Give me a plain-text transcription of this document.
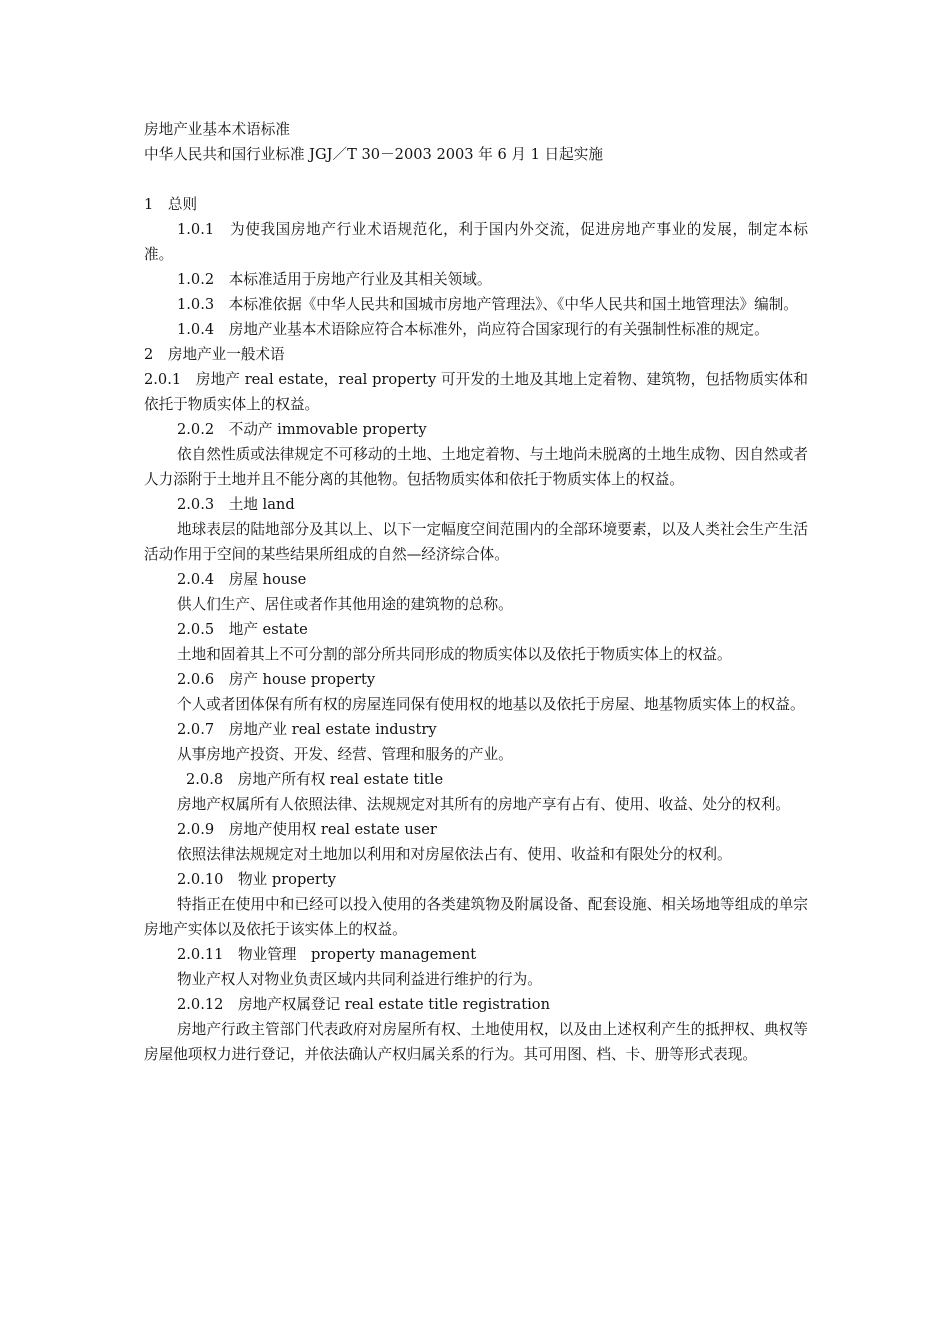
房地产业基本术语标准

中华人民共和国行业标准 JGJ／T 30－2003 2003 年 6 月 1 日起实施

1　总则

1.0.1　为使我国房地产行业术语规范化，利于国内外交流，促进房地产事业的发展，制定本标准。

1.0.2　本标准适用于房地产行业及其相关领域。

1.0.3　本标准依据《中华人民共和国城市房地产管理法》、《中华人民共和国土地管理法》编制。

1.0.4　房地产业基本术语除应符合本标准外，尚应符合国家现行的有关强制性标准的规定。

2　房地产业一般术语

2.0.1　房地产 real estate，real property 可开发的土地及其地上定着物、建筑物，包括物质实体和依托于物质实体上的权益。

2.0.2　不动产 immovable property

依自然性质或法律规定不可移动的土地、土地定着物、与土地尚未脱离的土地生成物、因自然或者人力添附于土地并且不能分离的其他物。包括物质实体和依托于物质实体上的权益。

2.0.3　土地 land

地球表层的陆地部分及其以上、以下一定幅度空间范围内的全部环境要素，以及人类社会生产生活活动作用于空间的某些结果所组成的自然—经济综合体。

2.0.4　房屋 house

供人们生产、居住或者作其他用途的建筑物的总称。

2.0.5　地产 estate

土地和固着其上不可分割的部分所共同形成的物质实体以及依托于物质实体上的权益。

2.0.6　房产 house property

个人或者团体保有所有权的房屋连同保有使用权的地基以及依托于房屋、地基物质实体上的权益。

2.0.7　房地产业 real estate industry

从事房地产投资、开发、经营、管理和服务的产业。

2.0.8　房地产所有权 real estate title

房地产权属所有人依照法律、法规规定对其所有的房地产享有占有、使用、收益、处分的权利。

2.0.9　房地产使用权 real estate user

依照法律法规规定对土地加以利用和对房屋依法占有、使用、收益和有限处分的权利。

2.0.10　物业 property

特指正在使用中和已经可以投入使用的各类建筑物及附属设备、配套设施、相关场地等组成的单宗房地产实体以及依托于该实体上的权益。

2.0.11　物业管理　property management

物业产权人对物业负责区域内共同利益进行维护的行为。

2.0.12　房地产权属登记 real estate title registration

房地产行政主管部门代表政府对房屋所有权、土地使用权，以及由上述权利产生的抵押权、典权等房屋他项权力进行登记，并依法确认产权归属关系的行为。其可用图、档、卡、册等形式表现。
